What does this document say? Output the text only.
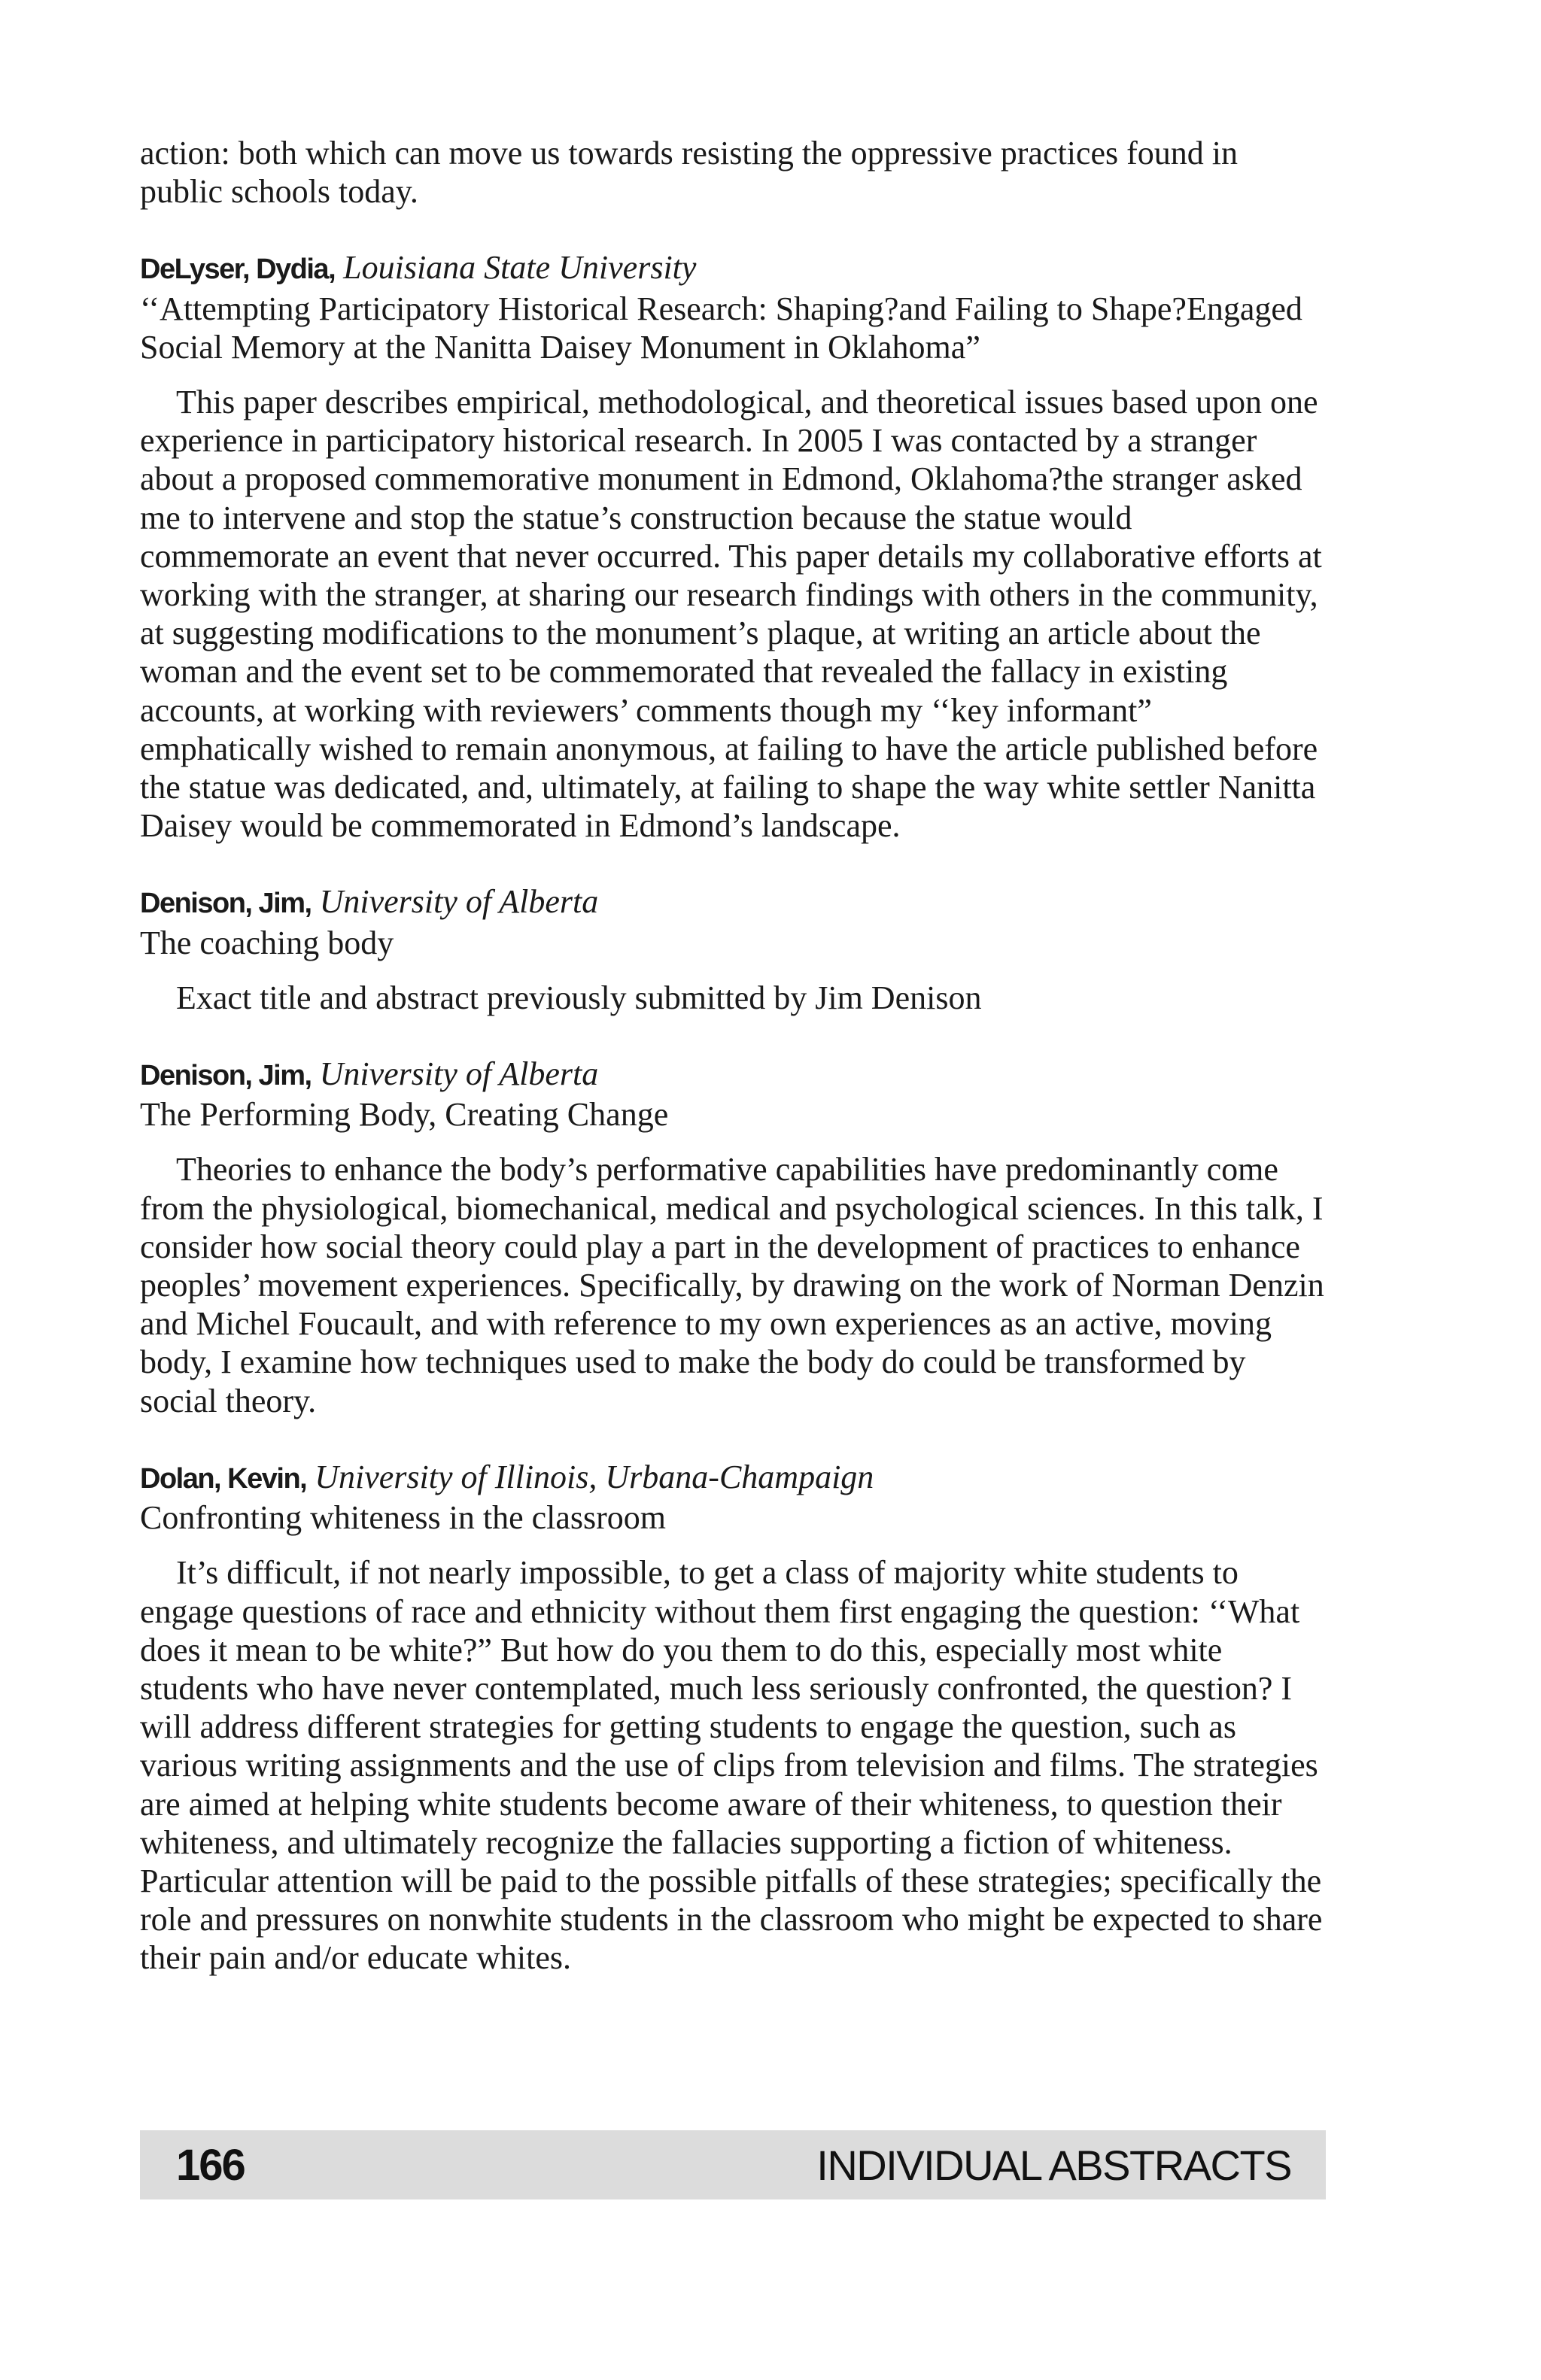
action: both which can move us towards resisting the oppressive practices found in public schools today.

DeLyser, Dydia, Louisiana State University

‘‘Attempting Participatory Historical Research: Shaping?and Failing to Shape?Engaged Social Memory at the Nanitta Daisey Monument in Oklahoma”

This paper describes empirical, methodological, and theoretical issues based upon one experience in participatory historical research. In 2005 I was contacted by a stranger about a proposed commemorative monument in Edmond, Oklahoma?the stranger asked me to intervene and stop the statue’s construction because the statue would commemorate an event that never occurred. This paper details my collaborative efforts at working with the stranger, at sharing our research findings with others in the community, at suggesting modifications to the monument’s plaque, at writing an article about the woman and the event set to be commemorated that revealed the fallacy in existing accounts, at working with reviewers’ comments though my ‘‘key informant” emphatically wished to remain anonymous, at failing to have the article published before the statue was dedicated, and, ultimately, at failing to shape the way white settler Nanitta Daisey would be commemorated in Edmond’s landscape.

Denison, Jim, University of Alberta

The coaching body

Exact title and abstract previously submitted by Jim Denison

Denison, Jim, University of Alberta

The Performing Body, Creating Change

Theories to enhance the body’s performative capabilities have predominantly come from the physiological, biomechanical, medical and psychological sciences. In this talk, I consider how social theory could play a part in the development of practices to enhance peoples’ movement experiences. Specifically, by drawing on the work of Norman Denzin and Michel Foucault, and with reference to my own experiences as an active, moving body, I examine how techniques used to make the body do could be transformed by social theory.

Dolan, Kevin, University of Illinois, Urbana-Champaign

Confronting whiteness in the classroom

It’s difficult, if not nearly impossible, to get a class of majority white students to engage questions of race and ethnicity without them first engaging the question: ‘‘What does it mean to be white?” But how do you them to do this, especially most white students who have never contemplated, much less seriously confronted, the question? I will address different strategies for getting students to engage the question, such as various writing assignments and the use of clips from television and films. The strategies are aimed at helping white students become aware of their whiteness, to question their whiteness, and ultimately recognize the fallacies supporting a fiction of whiteness. Particular attention will be paid to the possible pitfalls of these strategies; specifically the role and pressures on nonwhite students in the classroom who might be expected to share their pain and/or educate whites.

166	INDIVIDUAL ABSTRACTS
